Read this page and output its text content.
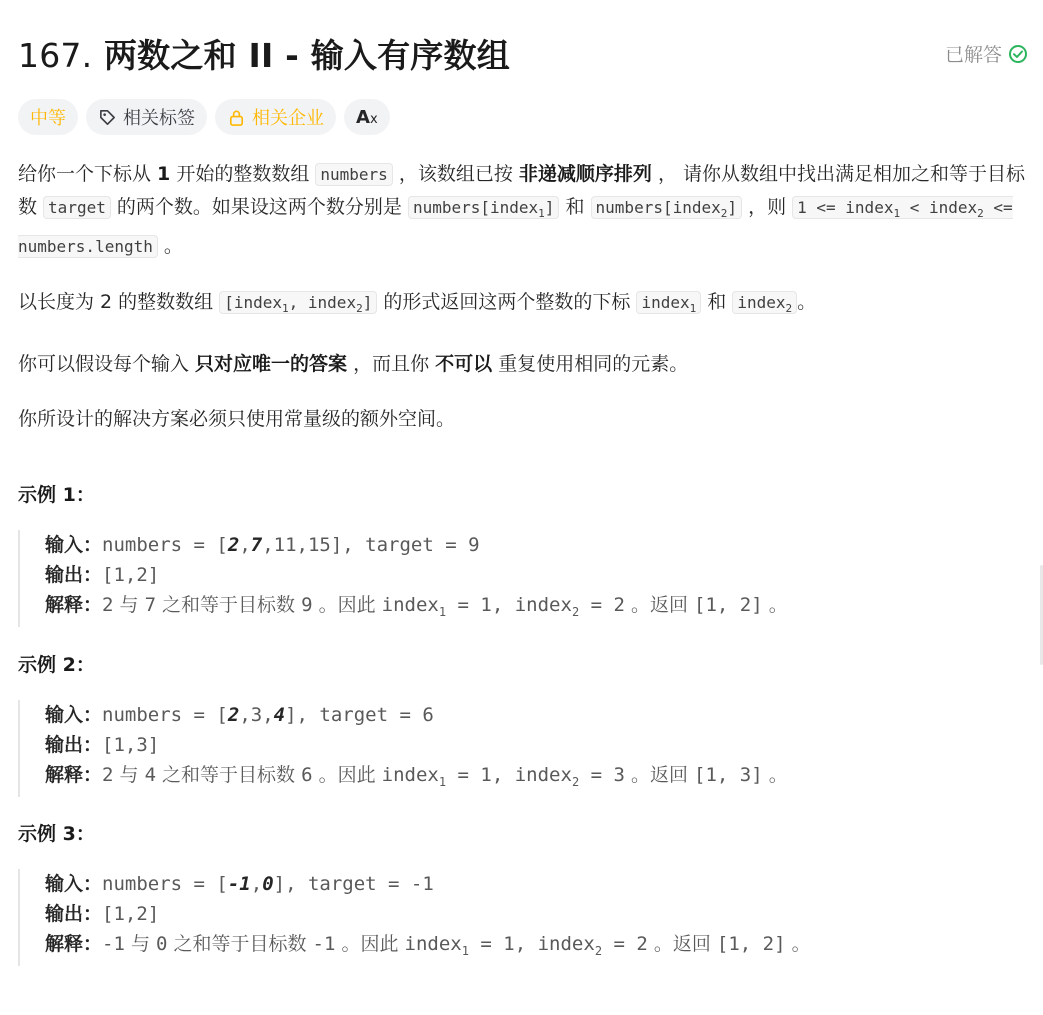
167. 两数之和 II - 输入有序数组	已解答
中等	相关标签	相关企业 Ax

给你一个下标从 1 开始的整数数组 numbers ，该数组已按 非递减顺序排列 ， 请你从数组中找出满足相加之和等于目标数 target 的两个数。如果设这两个数分别是 numbers[index$_1$] 和 numbers[index$_2$] ，则 1 <= index$_1$ < index$_2$ <= numbers.length 。

以长度为 2 的整数数组 [index$_1$, index$_2$] 的形式返回这两个整数的下标 index$_1$ 和 index$_2$ 。

你可以假设每个输入 只对应唯一的答案 ，而且你 不可以 重复使用相同的元素。

你所设计的解决方案必须只使用常量级的额外空间。

示例 1：
输入：numbers = [2,7,11,15], target = 9
输出：[1,2]
解释：2 与 7 之和等于目标数 9 。因此 index$_1$ = 1, index$_2$ = 2 。返回 [1, 2] 。
示例 2：
输入：numbers = [2,3,4], target = 6
输出：[1,3]
解释：2 与 4 之和等于目标数 6 。因此 index$_1$ = 1, index$_2$ = 3 。返回 [1, 3] 。
示例 3：
输入：numbers = [-1,0], target = -1
输出：[1,2]
解释：-1 与 0 之和等于目标数 -1 。因此 index$_1$ = 1, index$_2$ = 2 。返回 [1, 2] 。
